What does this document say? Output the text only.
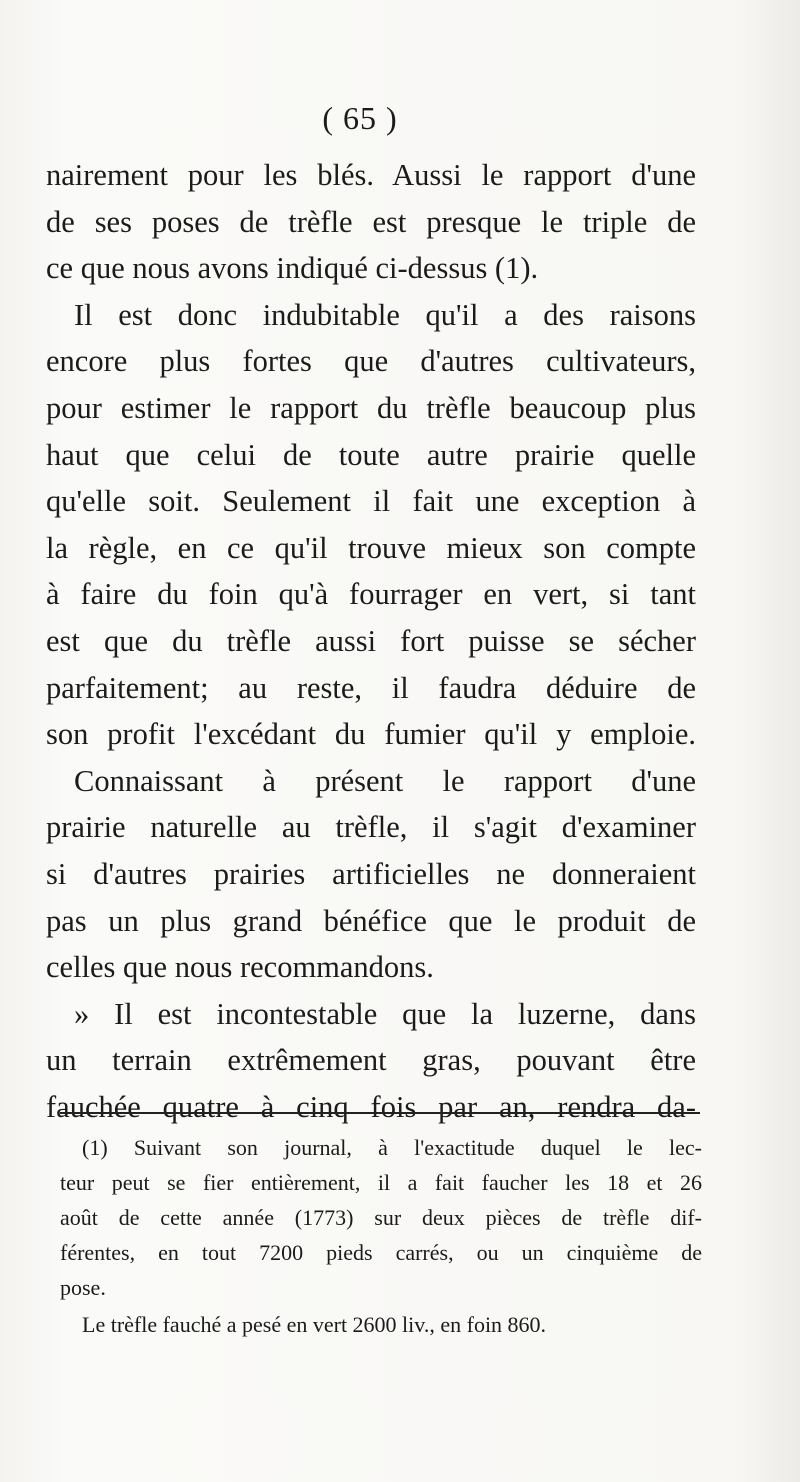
( 65 )
nairement pour les blés. Aussi le rapport d'une
de ses poses de trèfle est presque le triple de
ce que nous avons indiqué ci-dessus (1).
Il est donc indubitable qu'il a des raisons
encore plus fortes que d'autres cultivateurs,
pour estimer le rapport du trèfle beaucoup plus
haut que celui de toute autre prairie quelle
qu'elle soit. Seulement il fait une exception à
la règle, en ce qu'il trouve mieux son compte
à faire du foin qu'à fourrager en vert, si tant
est que du trèfle aussi fort puisse se sécher
parfaitement; au reste, il faudra déduire de
son profit l'excédant du fumier qu'il y emploie.
Connaissant à présent le rapport d'une
prairie naturelle au trèfle, il s'agit d'examiner
si d'autres prairies artificielles ne donneraient
pas un plus grand bénéfice que le produit de
celles que nous recommandons.
» Il est incontestable que la luzerne, dans
un terrain extrêmement gras, pouvant être
fauchée quatre à cinq fois par an, rendra da-
(1) Suivant son journal, à l'exactitude duquel le lec-
teur peut se fier entièrement, il a fait faucher les 18 et 26
août de cette année (1773) sur deux pièces de trèfle dif-
férentes, en tout 7200 pieds carrés, ou un cinquième de
pose.
Le trèfle fauché a pesé en vert 2600 liv., en foin 860.
